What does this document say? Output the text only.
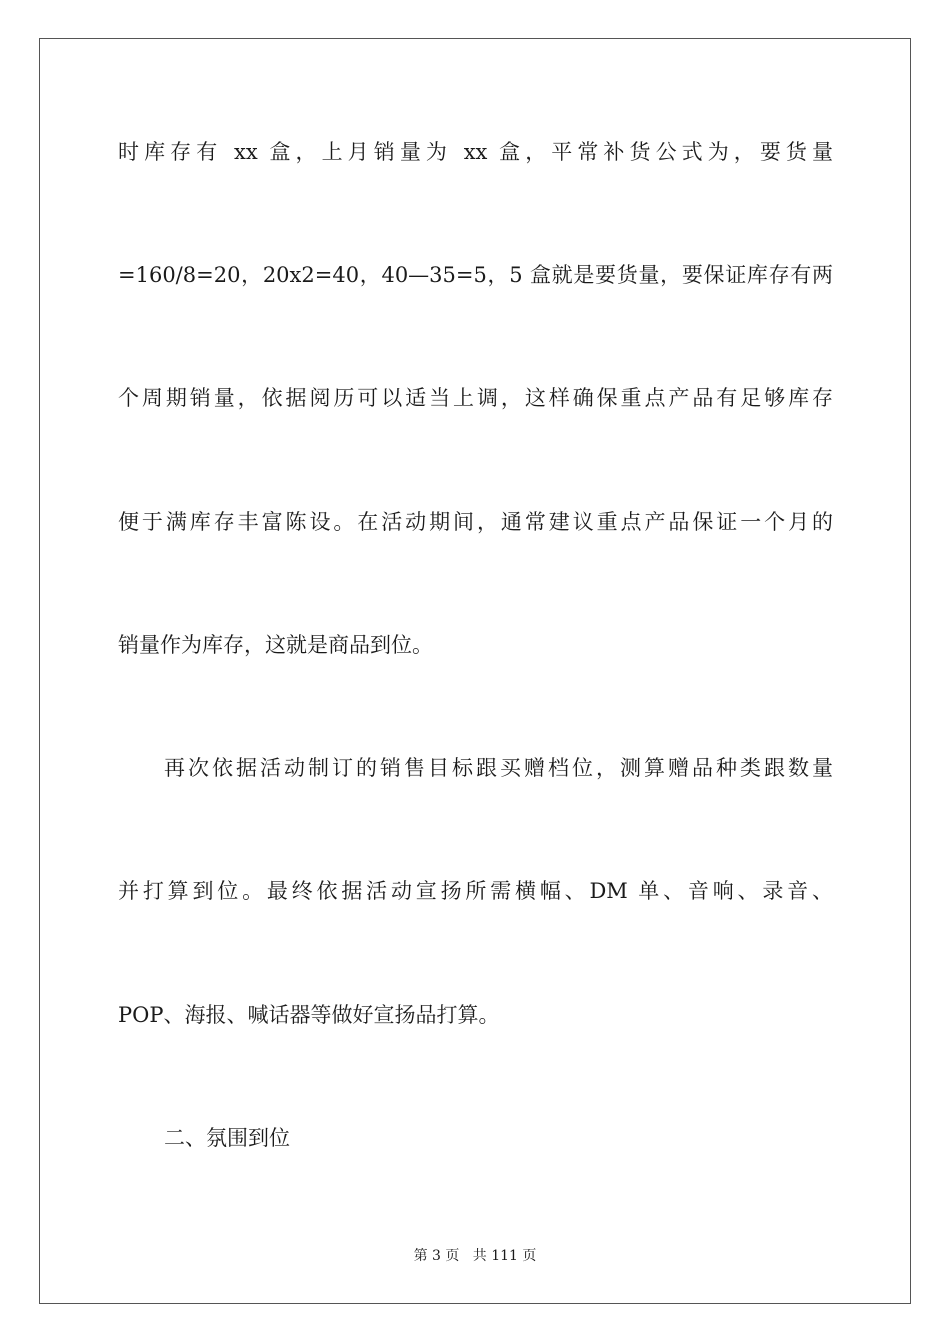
时库存有 xx 盒，上月销量为 xx 盒，平常补货公式为，要货量
=160/8=20，20x2=40，40—35=5，5 盒就是要货量，要保证库存有两
个周期销量，依据阅历可以适当上调，这样确保重点产品有足够库存
便于满库存丰富陈设。在活动期间，通常建议重点产品保证一个月的
销量作为库存，这就是商品到位。
再次依据活动制订的销售目标跟买赠档位，测算赠品种类跟数量
并打算到位。最终依据活动宣扬所需横幅、DM 单、音响、录音、
POP、海报、喊话器等做好宣扬品打算。
二、氛围到位
第 3 页   共 111 页
